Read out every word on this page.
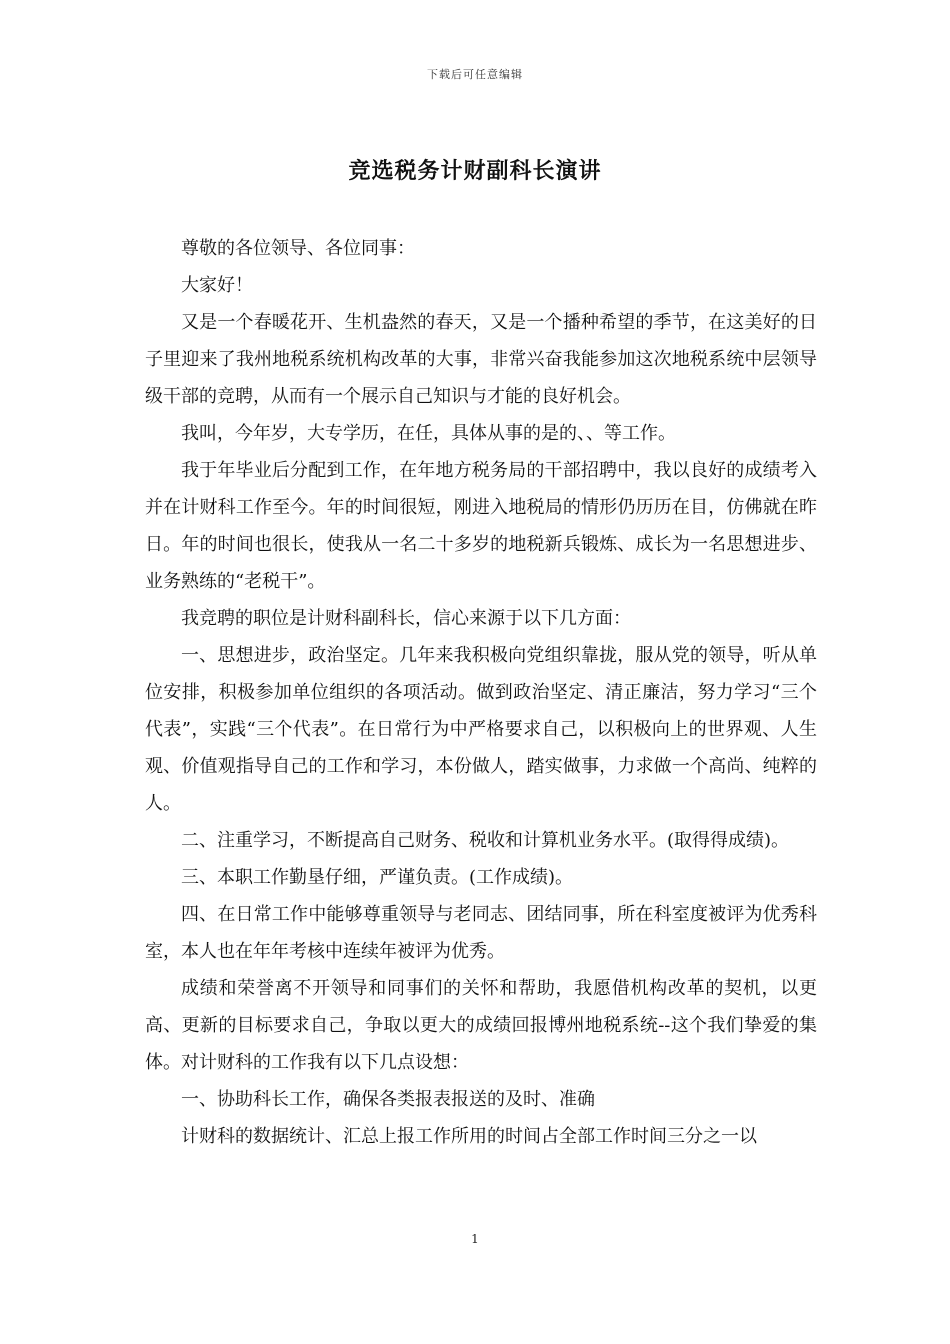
下载后可任意编辑
竞选税务计财副科长演讲

尊敬的各位领导、各位同事：

大家好！

又是一个春暖花开、生机盎然的春天，又是一个播种希望的季节，在这美好的日子里迎来了我州地税系统机构改革的大事，非常兴奋我能参加这次地税系统中层领导级干部的竞聘，从而有一个展示自己知识与才能的良好机会。

我叫，今年岁，大专学历，在任，具体从事的是的、、等工作。

我于年毕业后分配到工作，在年地方税务局的干部招聘中，我以良好的成绩考入并在计财科工作至今。年的时间很短，刚进入地税局的情形仍历历在目，仿佛就在昨日。年的时间也很长，使我从一名二十多岁的地税新兵锻炼、成长为一名思想进步、业务熟练的“老税干”。

我竞聘的职位是计财科副科长，信心来源于以下几方面：

一、思想进步，政治坚定。几年来我积极向党组织靠拢，服从党的领导，听从单位安排，积极参加单位组织的各项活动。做到政治坚定、清正廉洁，努力学习“三个代表”，实践“三个代表”。在日常行为中严格要求自己，以积极向上的世界观、人生观、价值观指导自己的工作和学习，本份做人，踏实做事，力求做一个高尚、纯粹的人。

二、注重学习，不断提高自己财务、税收和计算机业务水平。(取得得成绩)。

三、本职工作勤垦仔细，严谨负责。(工作成绩)。

四、在日常工作中能够尊重领导与老同志、团结同事，所在科室度被评为优秀科室，本人也在年年考核中连续年被评为优秀。

成绩和荣誉离不开领导和同事们的关怀和帮助，我愿借机构改革的契机，以更高、更新的目标要求自己，争取以更大的成绩回报博州地税系统--这个我们挚爱的集体。对计财科的工作我有以下几点设想：

一、协助科长工作，确保各类报表报送的及时、准确

计财科的数据统计、汇总上报工作所用的时间占全部工作时间三分之一以

1
